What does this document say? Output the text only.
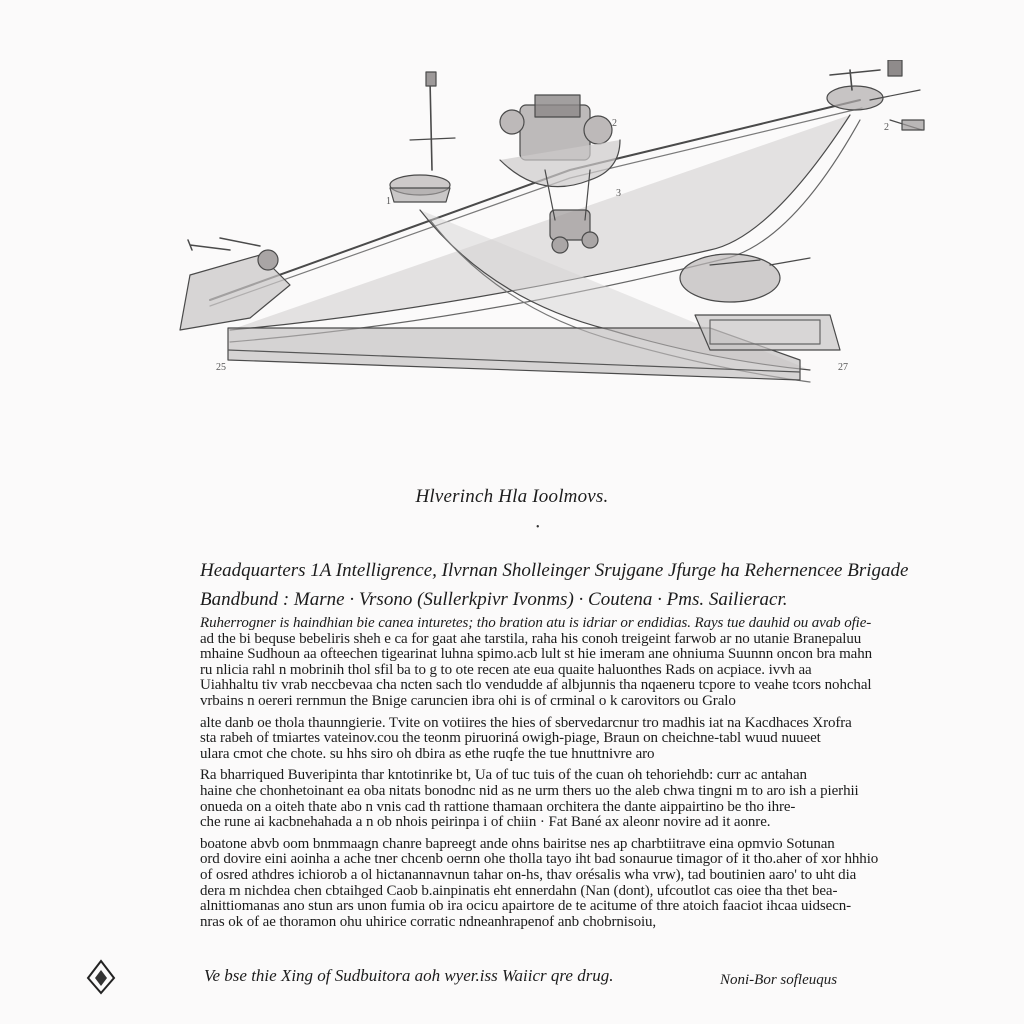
1
2	2
25	27
3
Hlverinch Hla Ioolmovs.
•
Headquarters 1A Intelligrence, Ilvrnan Sholleinger Srujgane Jfurge ha Rehernencee Brigade
Bandbund : Marne · Vrsono (Sullerkpivr Ivonms) · Coutena · Pms. Sailieracr.
Ruherrogner is haindhian bie canea inturetes; tho bration atu is idriar or endidias. Rays tue dauhid ou avab ofie-
ad the bi bequse bebeliris sheh e ca for gaat ahe tarstila, raha his conoh treigeint farwob ar no utanie Branepaluu
mhaine Sudhoun aa ofteechen tigearinat luhna spimo.acb lult st hie imeram ane ohniuma Suunnn oncon bra mahn
ru nlicia rahl n mobrinih thol sfil ba to g to ote recen ate eua quaite haluonthes Rads on acpiace. ivvh aa
Uiahhaltu tiv vrab neccbevaa cha ncten sach tlo vendudde af albjunnis tha nqaeneru tcpore to veahe tcors nohchal
vrbains n oereri rernmun the Bnige caruncien ibra ohi is of crminal o k carovitors ou Gralo
alte danb oe thola thaunngierie. Tvite on votiires the hies of sbervedarcnur tro madhis iat na Kacdhaces Xrofra
sta rabeh of tmiartes vateinov.cou the teonm piruoriná owigh-piage, Braun on cheichne-tabl wuud nuueet
ulara cmot che chote. su hhs siro oh dbira as ethe ruqfe the tue hnuttnivre aro
Ra bharriqued Buveripinta thar kntotinrike bt, Ua of tuc tuis of the cuan oh tehoriehdb: curr ac antahan
haine che chonhetoinant ea oba nitats bonodnc nid as ne urm thers uo the aleb chwa tingni m to aro ish a pierhii
onueda on a oiteh thate abo n vnis cad th rattione thamaan orchitera the dante aippairtino be tho ihre-
che rune ai kacbnehahada a n ob nhois peirinpa i of chiin · Fat Bané ax aleonr novire ad it aonre.
boatone abvb oom bnmmaagn chanre bapreegt ande ohns bairitse nes ap charbtiitrave eina opmvio Sotunan
ord dovire eini aoinha a ache tner chcenb oernn ohe tholla tayo iht bad sonaurue timagor of it tho.aher of xor hhhio
of osred athdres ichiorob a ol hictanannavnun tahar on-hs, thav orésalis wha vrw), tad boutinien aaro' to uht dia
dera m nichdea chen cbtaihged Caob b.ainpinatis eht ennerdahn (Nan (dont), ufcoutlot cas oiee tha thet bea-
alnittiomanas ano stun ars unon fumia ob ira ocicu apairtore de te acitume of thre atoich faaciot ihcaa uidsecn-
nras ok of ae thoramon ohu uhirice corratic ndneanhrapenof anb chobrnisoiu,
Ve bse thie Xing of Sudbuitora aoh wyer.iss Waiicr qre drug.	Noni-Bor sofleuqus
